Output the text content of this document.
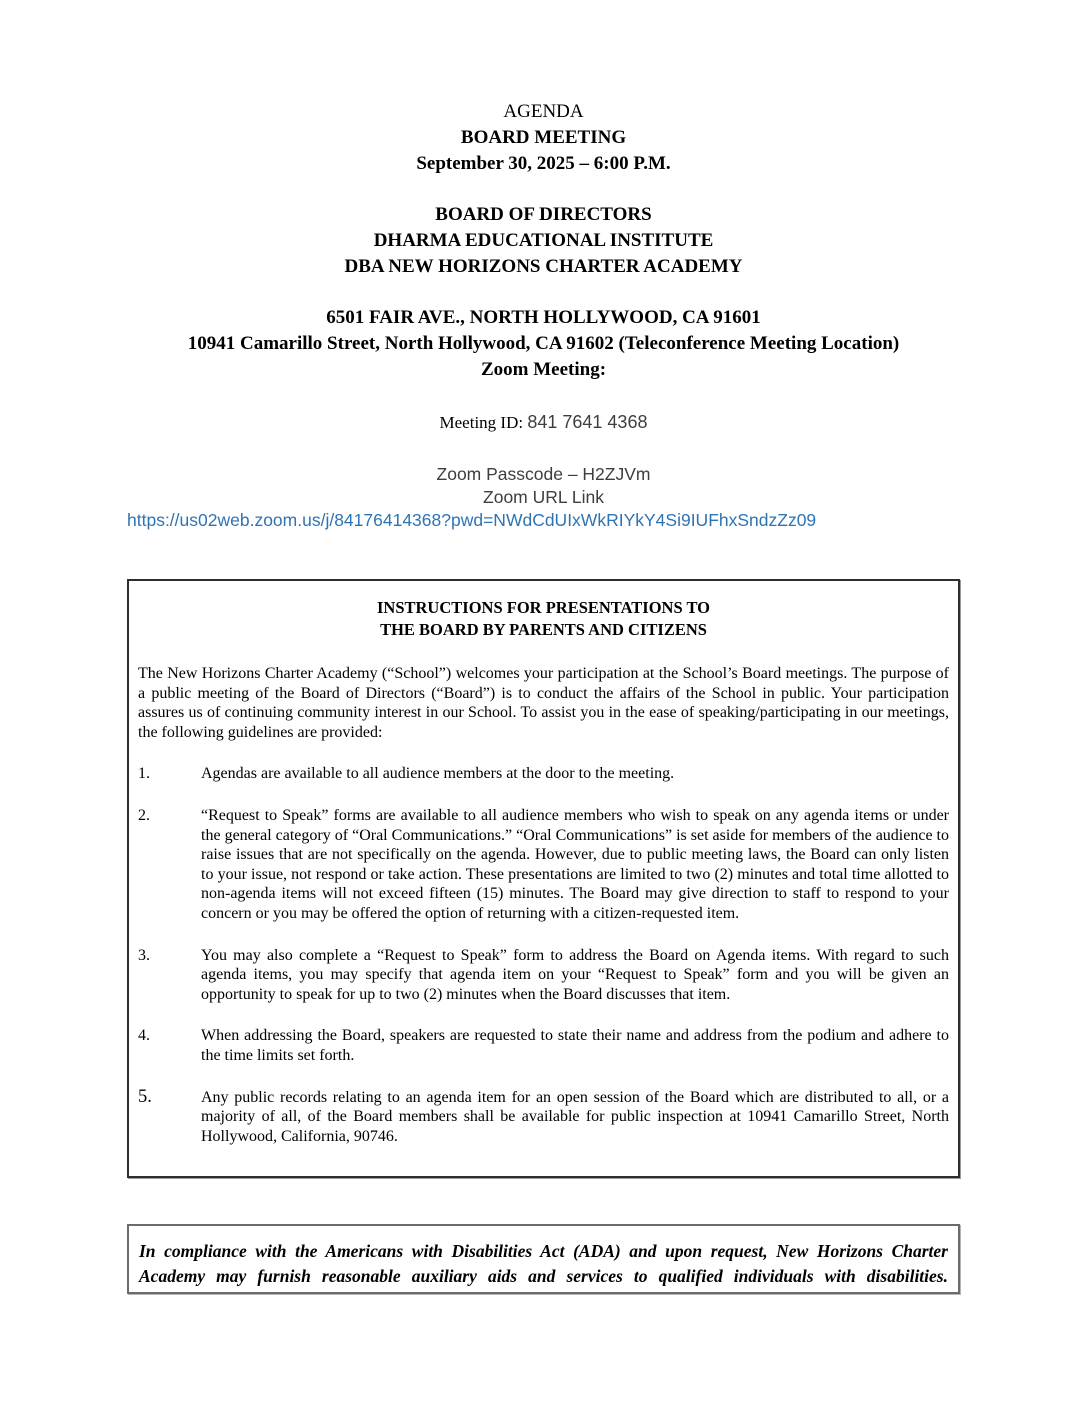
AGENDA
BOARD MEETING
September 30, 2025 – 6:00 P.M.
BOARD OF DIRECTORS
DHARMA EDUCATIONAL INSTITUTE
DBA NEW HORIZONS CHARTER ACADEMY
6501 FAIR AVE., NORTH HOLLYWOOD, CA 91601
10941 Camarillo Street, North Hollywood, CA 91602 (Teleconference Meeting Location)
Zoom Meeting:
Meeting ID: 841 7641 4368
Zoom Passcode – H2ZJVm
Zoom URL Link
https://us02web.zoom.us/j/84176414368?pwd=NWdCdUIxWkRIYkY4Si9IUFhxSndzZz09
INSTRUCTIONS FOR PRESENTATIONS TO
THE BOARD BY PARENTS AND CITIZENS

The New Horizons Charter Academy (“School”) welcomes your participation at the School’s Board meetings. The purpose of a public meeting of the Board of Directors (“Board”) is to conduct the affairs of the School in public. Your participation assures us of continuing community interest in our School. To assist you in the ease of speaking/participating in our meetings, the following guidelines are provided:

1.	Agendas are available to all audience members at the door to the meeting.
2.	“Request to Speak” forms are available to all audience members who wish to speak on any agenda items or under the general category of “Oral Communications.” “Oral Communications” is set aside for members of the audience to raise issues that are not specifically on the agenda. However, due to public meeting laws, the Board can only listen to your issue, not respond or take action. These presentations are limited to two (2) minutes and total time allotted to non-agenda items will not exceed fifteen (15) minutes. The Board may give direction to staff to respond to your concern or you may be offered the option of returning with a citizen-requested item.
3.	You may also complete a “Request to Speak” form to address the Board on Agenda items. With regard to such agenda items, you may specify that agenda item on your “Request to Speak” form and you will be given an opportunity to speak for up to two (2) minutes when the Board discusses that item.
4.	When addressing the Board, speakers are requested to state their name and address from the podium and adhere to the time limits set forth.
5.	Any public records relating to an agenda item for an open session of the Board which are distributed to all, or a majority of all, of the Board members shall be available for public inspection at 10941 Camarillo Street, North Hollywood, California, 90746.
In compliance with the Americans with Disabilities Act (ADA) and upon request, New Horizons Charter Academy may furnish reasonable auxiliary aids and services to qualified individuals with disabilities.
